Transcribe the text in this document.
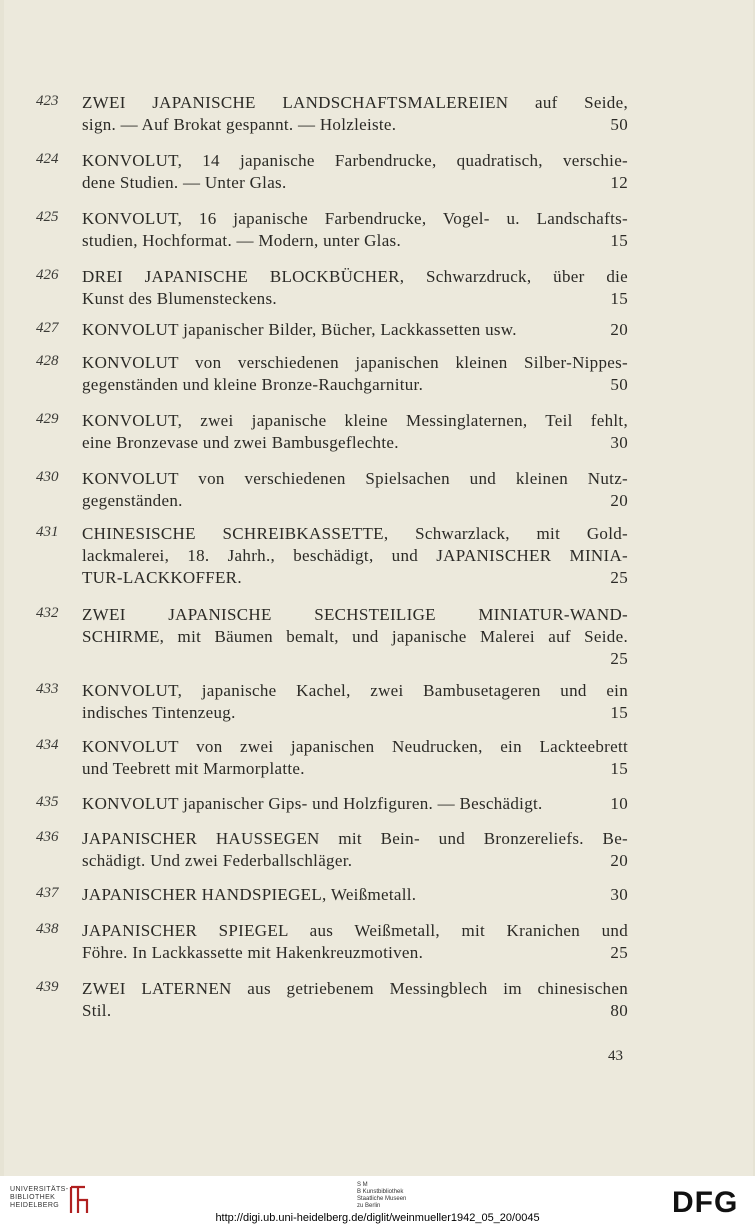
423	ZWEI JAPANISCHE LANDSCHAFTSMALEREIEN auf Seide,
sign. — Auf Brokat gespannt. — Holzleiste.	50
424	KONVOLUT, 14 japanische Farbendrucke, quadratisch, verschie-
dene Studien. — Unter Glas.	12
425	KONVOLUT, 16 japanische Farbendrucke, Vogel- u. Landschafts-
studien, Hochformat. — Modern, unter Glas.	15
426	DREI JAPANISCHE BLOCKBÜCHER, Schwarzdruck, über die
Kunst des Blumensteckens.	15
427	KONVOLUT japanischer Bilder, Bücher, Lackkassetten usw.	20
428	KONVOLUT von verschiedenen japanischen kleinen Silber-Nippes-
gegenständen und kleine Bronze-Rauchgarnitur.	50
429	KONVOLUT, zwei japanische kleine Messinglaternen, Teil fehlt,
eine Bronzevase und zwei Bambusgeflechte.	30
430	KONVOLUT von verschiedenen Spielsachen und kleinen Nutz-
gegenständen.	20
431	CHINESISCHE SCHREIBKASSETTE, Schwarzlack, mit Gold-
lackmalerei, 18. Jahrh., beschädigt, und JAPANISCHER MINIA-
TUR-LACKKOFFER.	25
432	ZWEI JAPANISCHE SECHSTEILIGE MINIATUR-WAND-
SCHIRME, mit Bäumen bemalt, und japanische Malerei auf Seide.
25
433	KONVOLUT, japanische Kachel, zwei Bambusetageren und ein
indisches Tintenzeug.	15
434	KONVOLUT von zwei japanischen Neudrucken, ein Lackteebrett
und Teebrett mit Marmorplatte.	15
435	KONVOLUT japanischer Gips- und Holzfiguren. — Beschädigt.	10
436	JAPANISCHER HAUSSEGEN mit Bein- und Bronzereliefs. Be-
schädigt. Und zwei Federballschläger.	20
437	JAPANISCHER HANDSPIEGEL, Weißmetall.	30
438	JAPANISCHER SPIEGEL aus Weißmetall, mit Kranichen und
Föhre. In Lackkassette mit Hakenkreuzmotiven.	25
439	ZWEI LATERNEN aus getriebenem Messingblech im chinesischen
Stil.	80
43
UNIVERSITÄTS-
BIBLIOTHEK
HEIDELBERG
S M
B Kunstbibliothek
Staatliche Museen
zu Berlin	DFG
http://digi.ub.uni-heidelberg.de/diglit/weinmueller1942_05_20/0045
